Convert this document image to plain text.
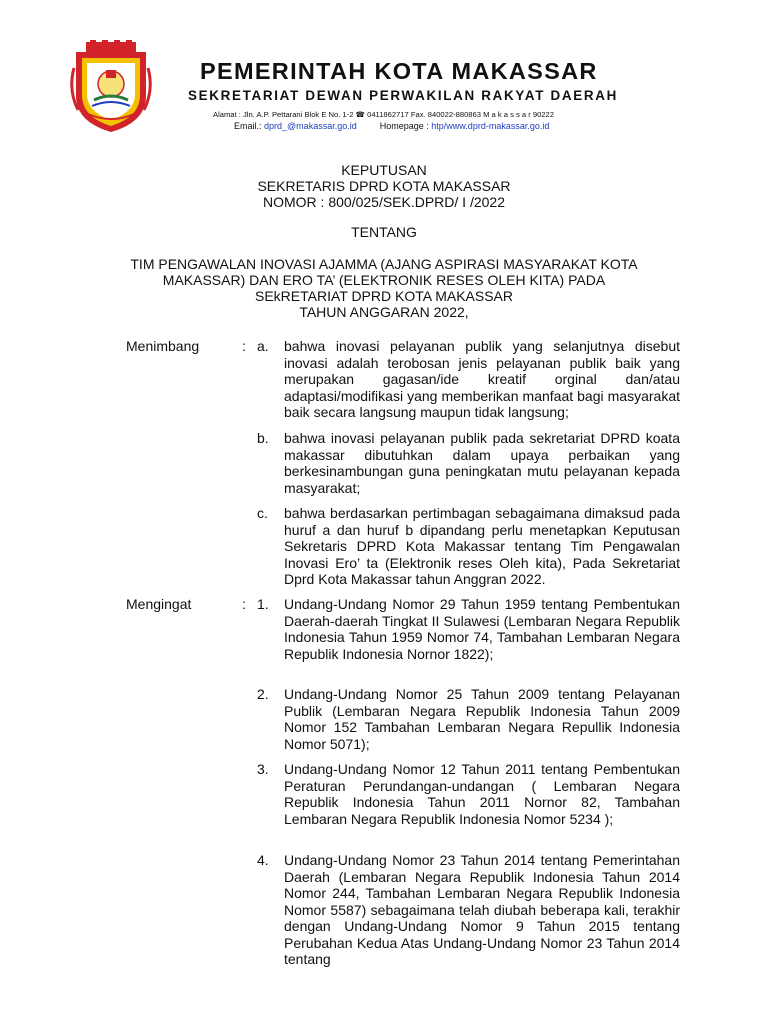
PEMERINTAH KOTA MAKASSAR
SEKRETARIAT DEWAN PERWAKILAN RAKYAT DAERAH
Alamat : Jln. A.P. Pettarani Blok E No. 1-2 ☎ 0411862717 Fax. 840022-880863 M a k a s s a r 90222
Email.: dprd_@makassar.go.id	Homepage : htp/www.dprd-makassar.go.id
KEPUTUSAN
SEKRETARIS DPRD KOTA MAKASSAR
NOMOR : 800/025/SEK.DPRD/ I /2022
TENTANG
TIM PENGAWALAN INOVASI AJAMMA (AJANG ASPIRASI MASYARAKAT KOTA
MAKASSAR) DAN ERO TA’ (ELEKTRONIK RESES OLEH KITA) PADA
SEkRETARIAT DPRD KOTA MAKASSAR
TAHUN ANGGARAN 2022,
Menimbang	: a. bahwa inovasi pelayanan publik yang selanjutnya disebut inovasi adalah terobosan jenis pelayanan publik baik yang merupakan gagasan/ide kreatif orginal dan/atau adaptasi/modifikasi yang memberikan manfaat bagi masyarakat baik secara langsung maupun tidak langsung;
b. bahwa inovasi pelayanan publik pada sekretariat DPRD koata makassar dibutuhkan dalam upaya perbaikan yang berkesinambungan guna peningkatan mutu pelayanan kepada masyarakat;
c. bahwa berdasarkan pertimbagan sebagaimana dimaksud pada huruf a dan huruf b dipandang perlu menetapkan Keputusan Sekretaris DPRD Kota Makassar tentang Tim Pengawalan Inovasi Ero’ ta (Elektronik reses Oleh kita), Pada Sekretariat Dprd Kota Makassar tahun Anggran 2022.
Mengingat	: 1. Undang-Undang Nomor 29 Tahun 1959 tentang Pembentukan Daerah-daerah Tingkat II Sulawesi (Lembaran Negara Republik Indonesia Tahun 1959 Nomor 74, Tambahan Lembaran Negara Republik Indonesia Nornor 1822);
2. Undang-Undang Nomor 25 Tahun 2009 tentang Pelayanan Publik (Lembaran Negara Republik Indonesia Tahun 2009 Nomor 152 Tambahan Lembaran Negara Repullik Indonesia Nomor 5071);
3. Undang-Undang Nomor 12 Tahun 2011 tentang Pembentukan Peraturan Perundangan-undangan ( Lembaran Negara Republik Indonesia Tahun 2011 Nornor 82, Tambahan Lembaran Negara Republik Indonesia Nomor 5234 );
4. Undang-Undang Nomor 23 Tahun 2014 tentang Pemerintahan Daerah (Lembaran Negara Republik Indonesia Tahun 2014 Nomor 244, Tambahan Lembaran Negara Republik Indonesia Nomor 5587) sebagaimana telah diubah beberapa kali, terakhir dengan Undang-Undang Nomor 9 Tahun 2015 tentang Perubahan Kedua Atas Undang-Undang Nomor 23 Tahun 2014 tentang
